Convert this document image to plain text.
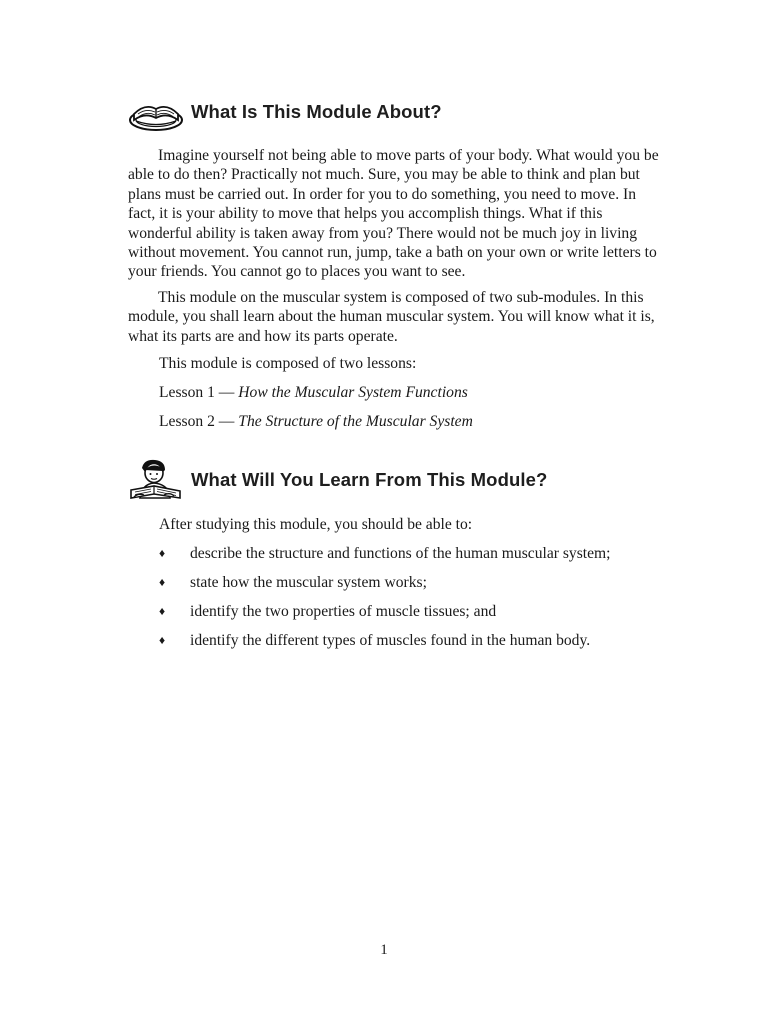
What Is This Module About?

Imagine yourself not being able to move parts of your body. What would you be able to do then? Practically not much. Sure, you may be able to think and plan but plans must be carried out. In order for you to do something, you need to move. In fact, it is your ability to move that helps you accomplish things. What if this wonderful ability is taken away from you? There would not be much joy in living without movement. You cannot run, jump, take a bath on your own or write letters to your friends. You cannot go to places you want to see.

This module on the muscular system is composed of two sub-modules. In this module, you shall learn about the human muscular system. You will know what it is, what its parts are and how its parts operate.

This module is composed of two lessons:
Lesson 1 — How the Muscular System Functions
Lesson 2 — The Structure of the Muscular System
What Will You Learn From This Module?
After studying this module, you should be able to:
♦ describe the structure and functions of the human muscular system;
♦ state how the muscular system works;
♦ identify the two properties of muscle tissues; and
♦ identify the different types of muscles found in the human body.
1
